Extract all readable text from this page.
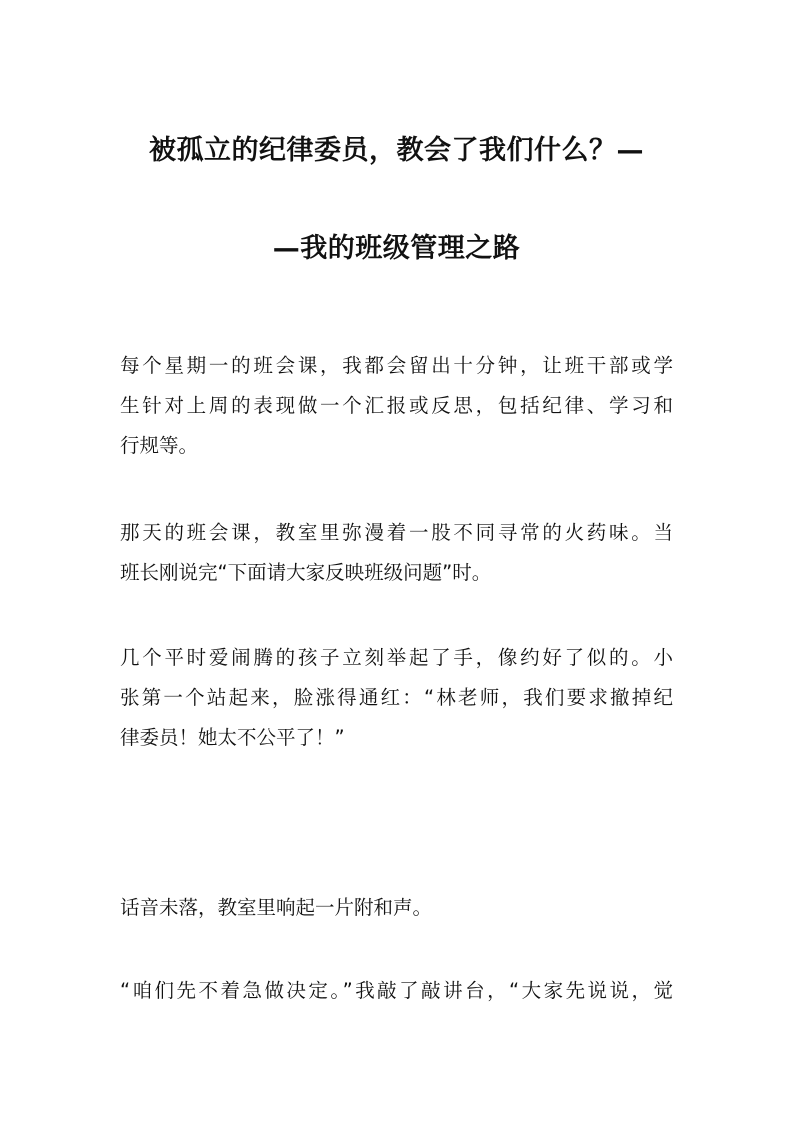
被孤立的纪律委员，教会了我们什么？—
—我的班级管理之路
每个星期一的班会课，我都会留出十分钟，让班干部或学
生针对上周的表现做一个汇报或反思，包括纪律、学习和
行规等。
那天的班会课，教室里弥漫着一股不同寻常的火药味。当
班长刚说完“下面请大家反映班级问题”时。
几个平时爱闹腾的孩子立刻举起了手，像约好了似的。小
张第一个站起来，脸涨得通红：“林老师，我们要求撤掉纪
律委员！她太不公平了！”
话音未落，教室里响起一片附和声。
“咱们先不着急做决定。”我敲了敲讲台，“大家先说说，觉
